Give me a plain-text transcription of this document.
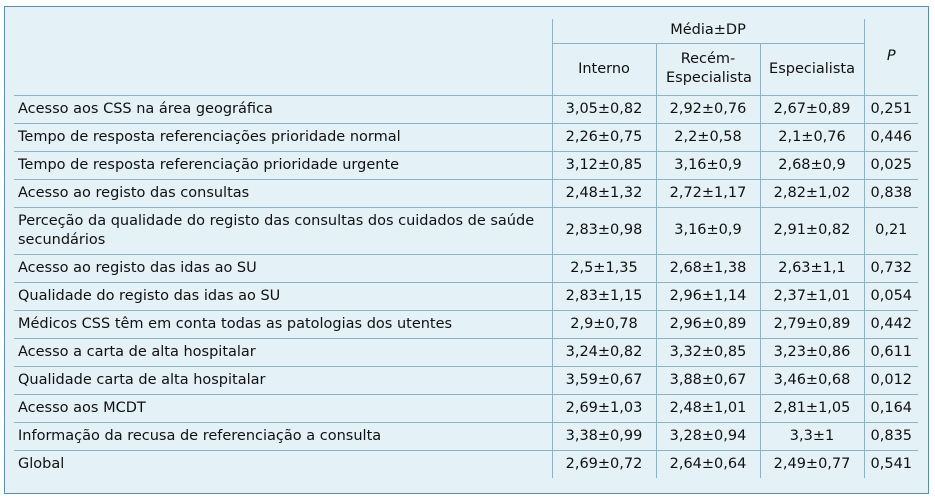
	Média±DP			P
	Interno	Recém-Especialista	Especialista	
Acesso aos CSS na área geográfica	3,05±0,82	2,92±0,76	2,67±0,89	0,251
Tempo de resposta referenciações prioridade normal	2,26±0,75	2,2±0,58	2,1±0,76	0,446
Tempo de resposta referenciação prioridade urgente	3,12±0,85	3,16±0,9	2,68±0,9	0,025
Acesso ao registo das consultas	2,48±1,32	2,72±1,17	2,82±1,02	0,838
Perceção da qualidade do registo das consultas dos cuidados de saúde secundários	2,83±0,98	3,16±0,9	2,91±0,82	0,21
Acesso ao registo das idas ao SU	2,5±1,35	2,68±1,38	2,63±1,1	0,732
Qualidade do registo das idas ao SU	2,83±1,15	2,96±1,14	2,37±1,01	0,054
Médicos CSS têm em conta todas as patologias dos utentes	2,9±0,78	2,96±0,89	2,79±0,89	0,442
Acesso a carta de alta hospitalar	3,24±0,82	3,32±0,85	3,23±0,86	0,611
Qualidade carta de alta hospitalar	3,59±0,67	3,88±0,67	3,46±0,68	0,012
Acesso aos MCDT	2,69±1,03	2,48±1,01	2,81±1,05	0,164
Informação da recusa de referenciação a consulta	3,38±0,99	3,28±0,94	3,3±1	0,835
Global	2,69±0,72	2,64±0,64	2,49±0,77	0,541
